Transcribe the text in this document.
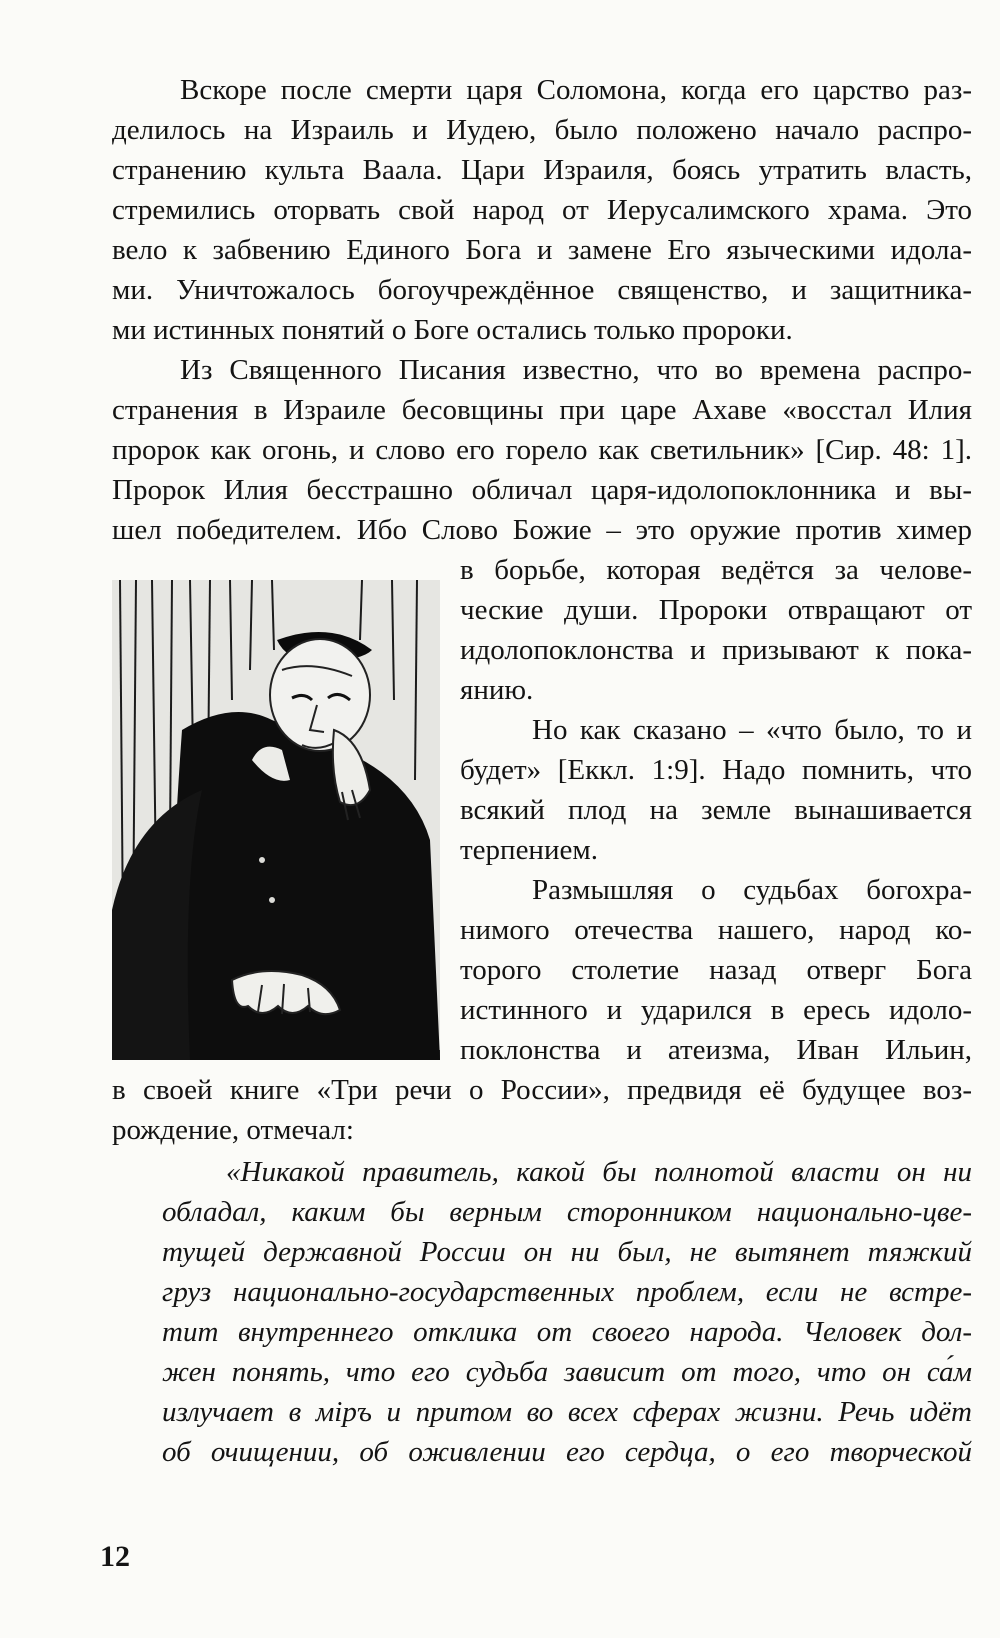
Вскоре после смерти царя Соломона, когда его царство раз-
делилось на Израиль и Иудею, было положено начало распро-
странению культа Ваала. Цари Израиля, боясь утратить власть,
стремились оторвать свой народ от Иерусалимского храма. Это
вело к забвению Единого Бога и замене Его языческими идола-
ми. Уничтожалось богоучреждённое священство, и защитника-
ми истинных понятий о Боге остались только пророки.
Из Священного Писания известно, что во времена распро-
странения в Израиле бесовщины при царе Ахаве «восстал Илия
пророк как огонь, и слово его горело как светильник» [Сир. 48: 1].
Пророк Илия бесстрашно обличал царя-идолопоклонника и вы-
шел победителем. Ибо Слово Божие – это оружие против химер
в борьбе, которая ведётся за челове-
ческие души. Пророки отвращают от
идолопоклонства и призывают к пока-
янию.
Но как сказано – «что было, то и
будет» [Еккл. 1:9]. Надо помнить, что
всякий плод на земле вынашивается
терпением.
Размышляя о судьбах богохра-
нимого отечества нашего, народ ко-
торого столетие назад отверг Бога
истинного и ударился в ересь идоло-
поклонства и атеизма, Иван Ильин,
в своей книге «Три речи о России», предвидя её будущее воз-
рождение, отмечал:
«Никакой правитель, какой бы полнотой власти он ни
обладал, каким бы верным сторонником национально-цве-
тущей державной России он ни был, не вытянет тяжкий
груз национально-государственных проблем, если не встре-
тит внутреннего отклика от своего народа. Человек дол-
жен понять, что его судьба зависит от того, что он са́м
излучает в міръ и притом во всех сферах жизни. Речь идёт
об очищении, об оживлении его сердца, о его творческой
12
